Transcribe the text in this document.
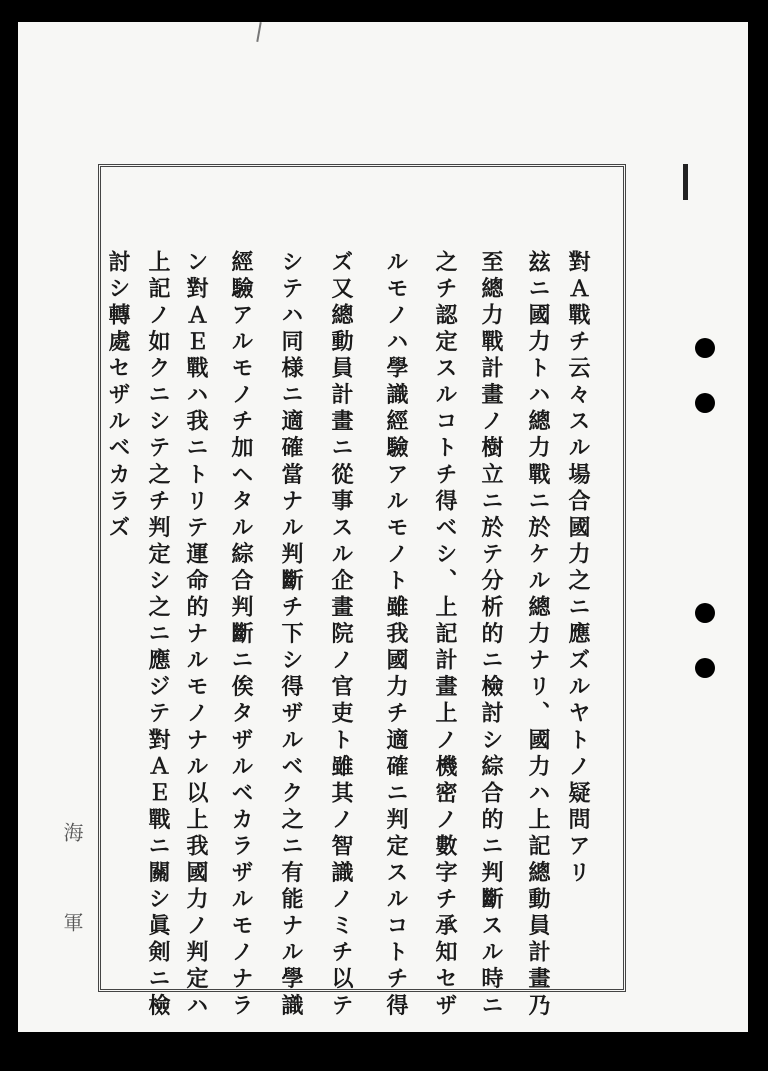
對Ａ戰チ云々スル場合國力之ニ應ズルヤトノ疑問アリ
玆ニ國力トハ總力戰ニ於ケル總力ナリ、國力ハ上記總動員計畫乃
至總力戰計畫ノ樹立ニ於テ分析的ニ檢討シ綜合的ニ判斷スル時ニ
之チ認定スルコトチ得ベシ、上記計畫上ノ機密ノ數字チ承知セザ
ルモノハ學識經驗アルモノト雖我國力チ適確ニ判定スルコトチ得
ズ又總動員計畫ニ從事スル企畫院ノ官吏ト雖其ノ智識ノミチ以テ
シテハ同様ニ適確當ナル判斷チ下シ得ザルベク之ニ有能ナル學識
經驗アルモノチ加ヘタル綜合判斷ニ俟タザルベカラザルモノナラ
ン對ＡＥ戰ハ我ニトリテ運命的ナルモノナル以上我國力ノ判定ハ
上記ノ如クニシテ之チ判定シ之ニ應ジテ對ＡＥ戰ニ關シ眞剣ニ檢
討シ轉處セザルベカラズ
海
軍
